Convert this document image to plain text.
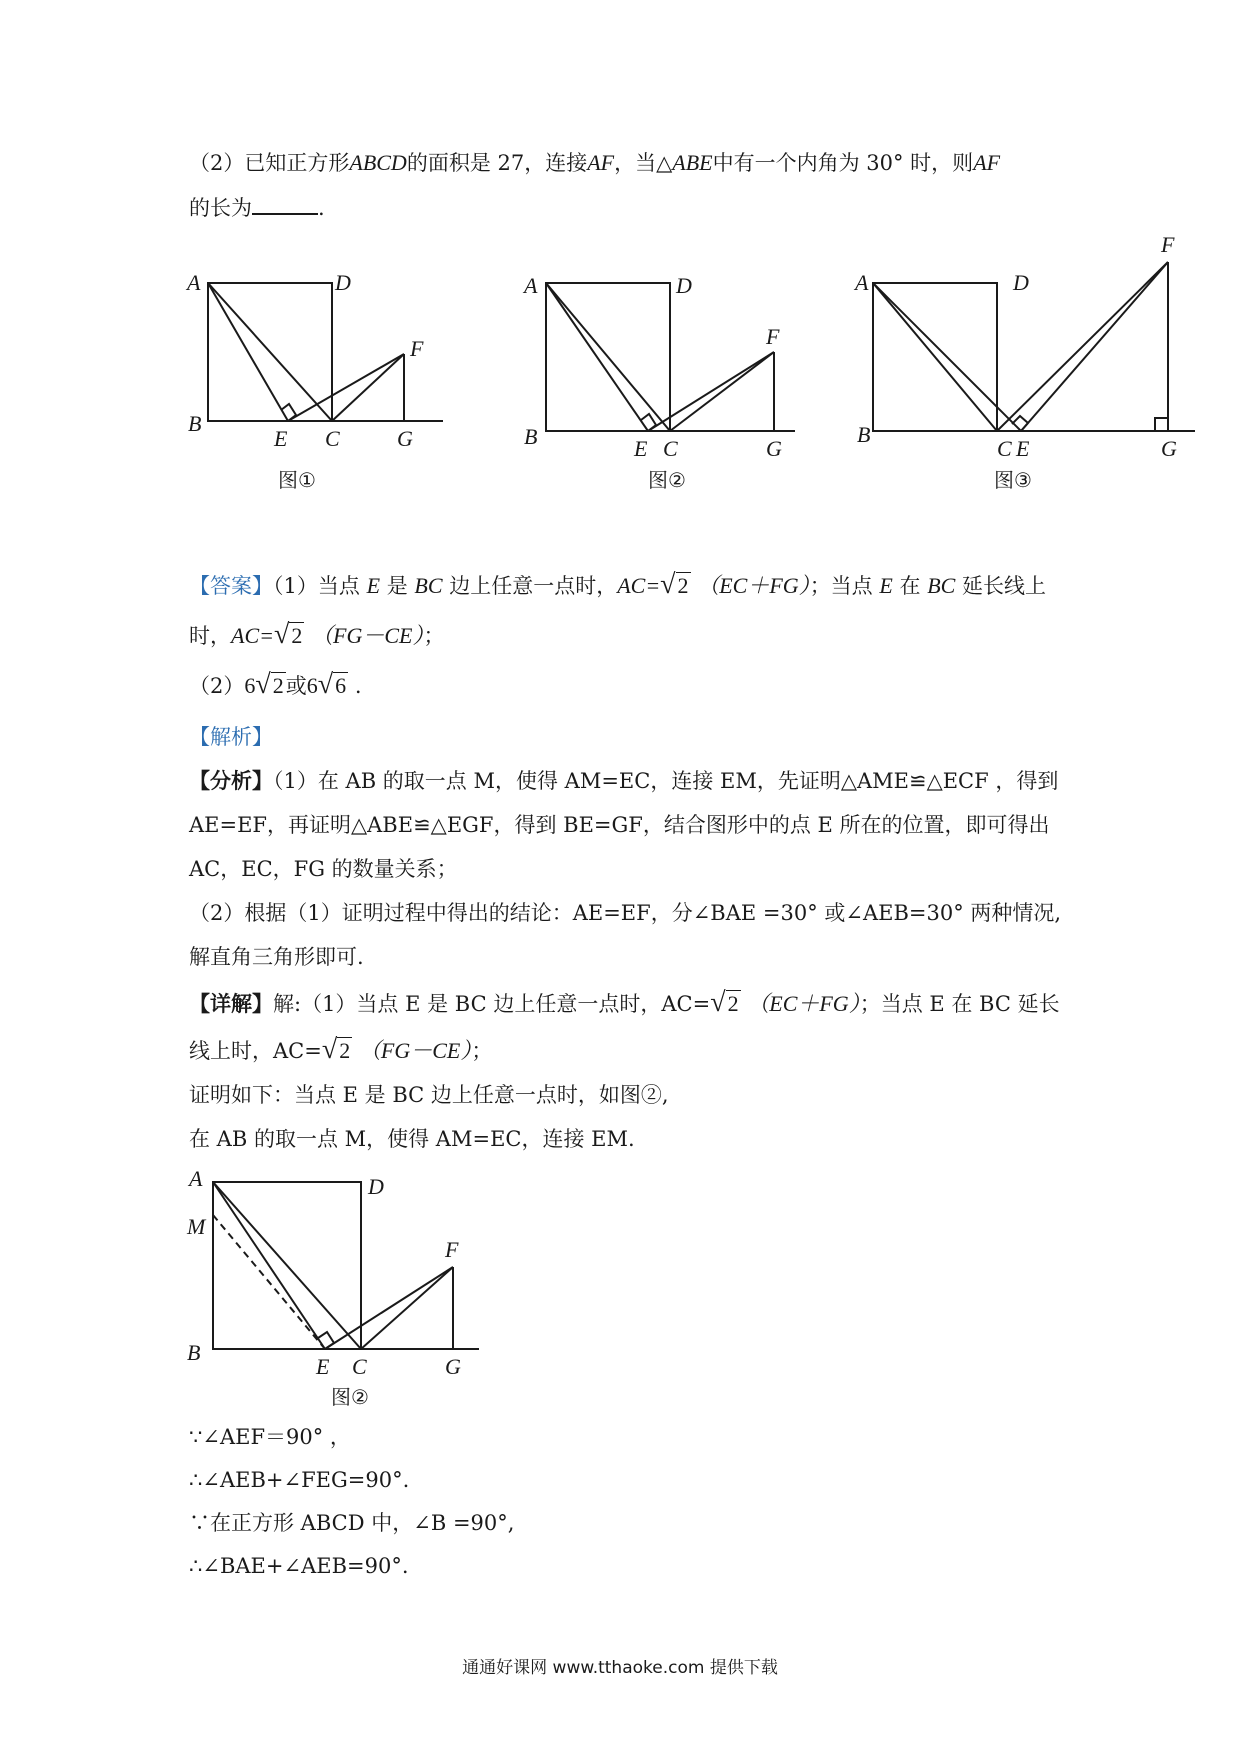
（2）已知正方形ABCD的面积是 27，连接AF，当△ABE中有一个内角为 30° 时，则AF
的长为	.
A	D
B
E C
F
G
图①
A	D
B	E C
F
G
图②
A	D
B
C E
F
G
图③
【答案】（1）当点 E 是 BC 边上任意一点时，AC=√2 （EC＋FG）；当点 E 在 BC 延长线上
时，AC=√2 （FG－CE）；
（2）6√2或6√6 .
【解析】
【分析】（1）在 AB 的取一点 M，使得 AM=EC，连接 EM，先证明△AME≌△ECF ，得到
AE=EF，再证明△ABE≌△EGF，得到 BE=GF，结合图形中的点 E 所在的位置，即可得出
AC，EC，FG 的数量关系；
（2）根据（1）证明过程中得出的结论：AE=EF，分∠BAE =30° 或∠AEB=30° 两种情况,
解直角三角形即可.
【详解】解:（1）当点 E 是 BC 边上任意一点时，AC=√2 （EC＋FG）；当点 E 在 BC 延长
线上时，AC=√2 （FG－CE）；
证明如下：当点 E 是 BC 边上任意一点时，如图②,
在 AB 的取一点 M，使得 AM=EC，连接 EM.
A	D
M
B
E C
F
G
图②
∵∠AEF＝90° ，
∴∠AEB+∠FEG=90°.
∵在正方形 ABCD 中，∠B =90°,
∴∠BAE+∠AEB=90°.
通通好课网 www.tthaoke.com 提供下载
